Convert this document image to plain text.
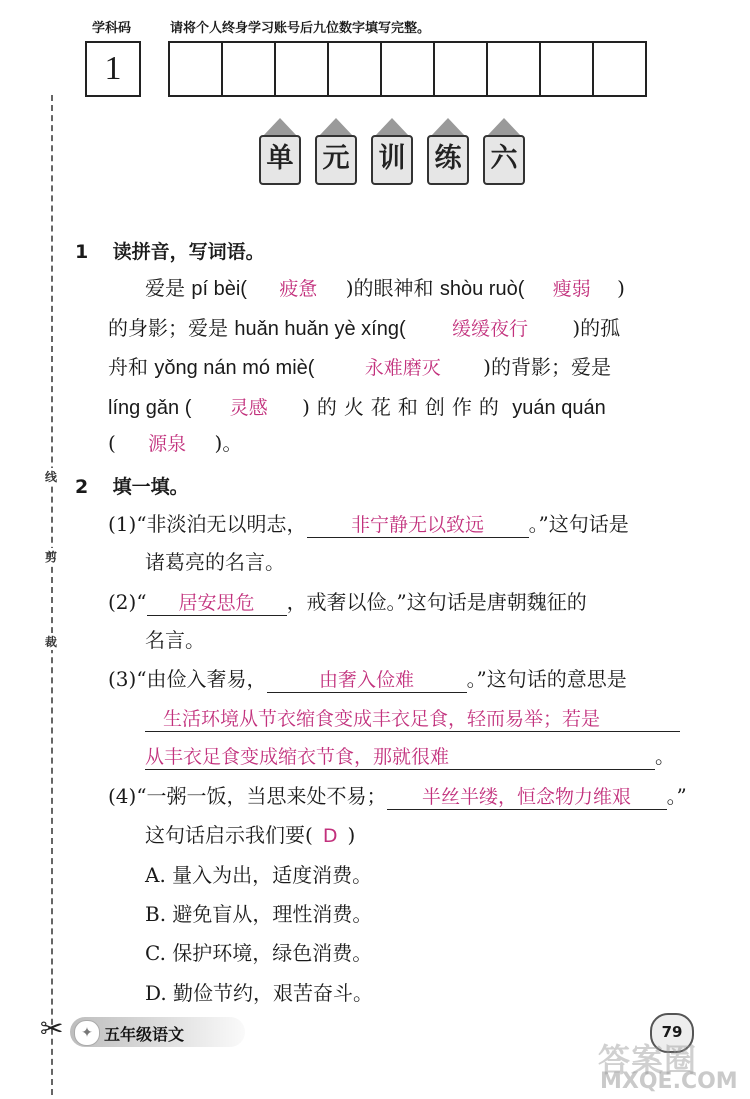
学科码	请将个人终身学习账号后九位数字填写完整。
1
线
剪
裁
单 元 训 练 六
1 读拼音，写词语。
爱是 pí bèi( 疲惫 )的眼神和 shòu ruò( 瘦弱 )
的身影；爱是 huǎn huǎn yè xíng( 缓缓夜行 )的孤
舟和 yǒng nán mó miè(	永难磨灭 )的背影；爱是
líng gǎn ( 灵感 )的火花和创作的 yuán quán
( 源泉 )。
2 填一填。
(1)“非淡泊无以明志， 非宁静无以致远 。”这句话是
诸葛亮的名言。
(2)“ 居安思危 ，戒奢以俭。”这句话是唐朝魏征的
名言。
(3)“由俭入奢易，	由奢入俭难	。”这句话的意思是
生活环境从节衣缩食变成丰衣足食，轻而易举；若是
从丰衣足食变成缩衣节食，那就很难	。
(4)“一粥一饭，当思来处不易； 半丝半缕，恒念物力维艰 。”
这句话启示我们要( D )
A. 量入为出，适度消费。
B. 避免盲从，理性消费。
C. 保护环境，绿色消费。
D. 勤俭节约，艰苦奋斗。
✂	✦ 五年级语文	79
答案圈
MXQE.COM
